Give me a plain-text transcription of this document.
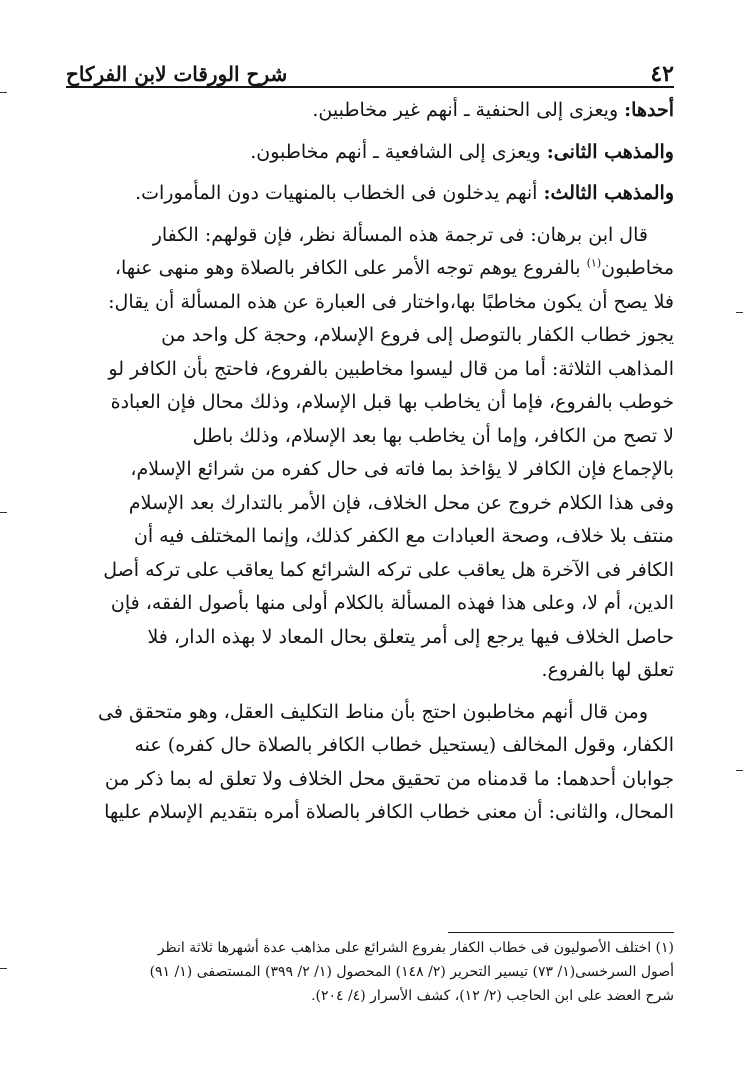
٤٢
شرح الورقات لابن الفركاح

أحدها: ويعزى إلى الحنفية ـ أنهم غير مخاطبين.

والمذهب الثانى: ويعزى إلى الشافعية ـ أنهم مخاطبون.

والمذهب الثالث: أنهم يدخلون فى الخطاب بالمنهيات دون المأمورات.

قال ابن برهان: فى ترجمة هذه المسألة نظر، فإن قولهم: الكفار

مخاطبون$^{(١)}$ بالفروع يوهم توجه الأمر على الكافر بالصلاة وهو منهى عنها،

فلا يصح أن يكون مخاطبًا بها،واختار فى العبارة عن هذه المسألة أن يقال:

يجوز خطاب الكفار بالتوصل إلى فروع الإسلام، وحجة كل واحد من

المذاهب الثلاثة: أما من قال ليسوا مخاطبين بالفروع، فاحتج بأن الكافر لو

خوطب بالفروع، فإما أن يخاطب بها قبل الإسلام، وذلك محال فإن العبادة

لا تصح من الكافر، وإما أن يخاطب بها بعد الإسلام، وذلك باطل

بالإجماع فإن الكافر لا يؤاخذ بما فاته فى حال كفره من شرائع الإسلام،

وفى هذا الكلام خروج عن محل الخلاف، فإن الأمر بالتدارك بعد الإسلام

منتف بلا خلاف، وصحة العبادات مع الكفر كذلك، وإنما المختلف فيه أن

الكافر فى الآخرة هل يعاقب على تركه الشرائع كما يعاقب على تركه أصل

الدين، أم لا، وعلى هذا فهذه المسألة بالكلام أولى منها بأصول الفقه، فإن

حاصل الخلاف فيها يرجع إلى أمر يتعلق بحال المعاد لا بهذه الدار، فلا

تعلق لها بالفروع.

ومن قال أنهم مخاطبون احتج بأن مناط التكليف العقل، وهو متحقق فى

الكفار، وقول المخالف (يستحيل خطاب الكافر بالصلاة حال كفره) عنه

جوابان أحدهما: ما قدمناه من تحقيق محل الخلاف ولا تعلق له بما ذكر من

المحال، والثانى: أن معنى خطاب الكافر بالصلاة أمره بتقديم الإسلام عليها

(١) اختلف الأصوليون فى خطاب الكفار بفروع الشرائع على مذاهب عدة أشهرها ثلاثة انظر

أصول السرخسى(١/ ٧٣) تيسير التحرير (٢/ ١٤٨) المحصول (١/ ٢/ ٣٩٩) المستصفى (١/ ٩١)

شرح العضد على ابن الحاجب (٢/ ١٢)، كشف الأسرار (٤/ ٢٠٤).
